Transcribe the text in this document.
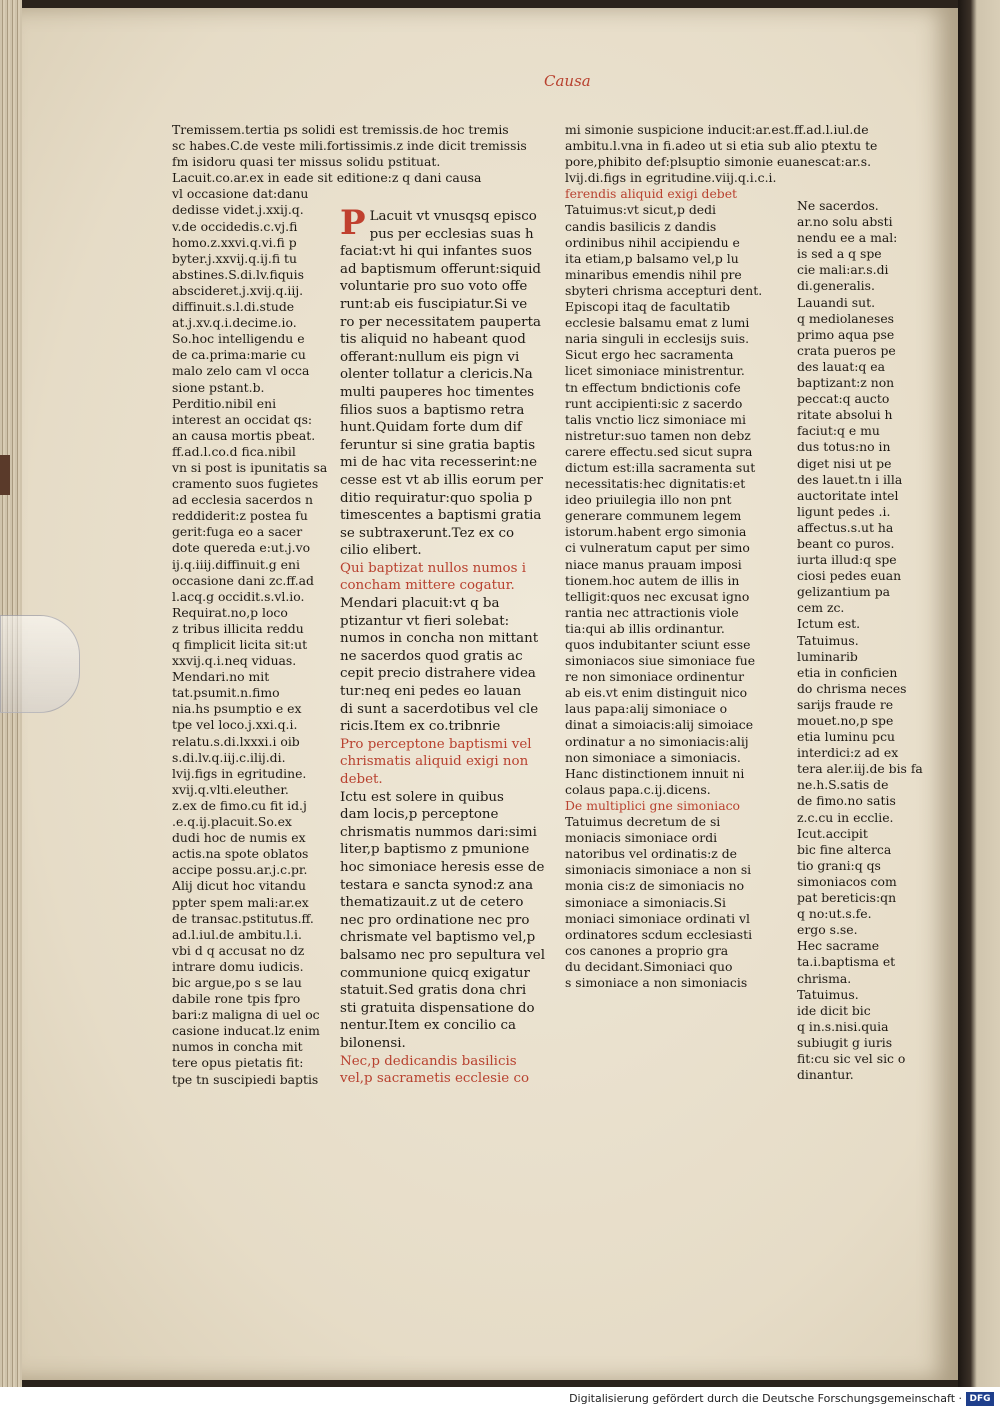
Causa

Tremissem.tertia ps solidi est tremissis.de hoc tremis

sc habes.C.de veste mili.fortissimis.z inde dicit tremissis

fm isidoru quasi ter missus solidu pstituat.

Lacuit.co.ar.ex in eade sit editione:z q dani causa

vl occasione dat:danu

dedisse videt.j.xxij.q.

v.de occidedis.c.vj.fi

homo.z.xxvi.q.vi.fi p

byter.j.xxvij.q.ij.fi tu

abstines.S.di.lv.fiquis

abscideret.j.xvij.q.iij.

diffinuit.s.l.di.stude

at.j.xv.q.i.decime.io.

So.hoc intelligendu e

de ca.prima:marie cu

malo zelo cam vl occa

sione pstant.b.

Perditio.nibil eni

interest an occidat qs:

an causa mortis pbeat.

ff.ad.l.co.d fica.nibil

vn si post is ipunitatis sa

cramento suos fugietes

ad ecclesia sacerdos n

reddiderit:z postea fu

gerit:fuga eo a sacer

dote quereda e:ut.j.vo

ij.q.iiij.diffinuit.g eni

occasione dani zc.ff.ad

l.acq.g occidit.s.vl.io.

Requirat.no,p loco

z tribus illicita reddu

q fimplicit licita sit:ut

xxvij.q.i.neq viduas.

Mendari.no mit

tat.psumit.n.fimo

nia.hs psumptio e ex

tpe vel loco.j.xxi.q.i.

relatu.s.di.lxxxi.i oib

s.di.lv.q.iij.c.ilij.di.

lvij.figs in egritudine.

xvij.q.vlti.eleuther.

z.ex de fimo.cu fit id.j

.e.q.ij.placuit.So.ex

dudi hoc de numis ex

actis.na spote oblatos

accipe possu.ar.j.c.pr.

Alij dicut hoc vitandu

ppter spem mali:ar.ex

de transac.pstitutus.ff.

ad.l.iul.de ambitu.l.i.

vbi d q accusat no dz

intrare domu iudicis.

bic argue,po s se lau

dabile rone tpis fpro

bari:z maligna di uel oc

casione inducat.lz enim

numos in concha mit

tere opus pietatis fit:

tpe tn suscipiedi baptis

P Lacuit vt vnusqsq episco

pus per ecclesias suas h

faciat:vt hi qui infantes suos

ad baptismum offerunt:siquid

voluntarie pro suo voto offe

runt:ab eis fuscipiatur.Si ve

ro per necessitatem pauperta

tis aliquid no habeant quod

offerant:nullum eis pign vi

olenter tollatur a clericis.Na

multi pauperes hoc timentes

filios suos a baptismo retra

hunt.Quidam forte dum dif

feruntur si sine gratia baptis

mi de hac vita recesserint:ne

cesse est vt ab illis eorum per

ditio requiratur:quo spolia p

timescentes a baptismi gratia

se subtraxerunt.Tez ex co

cilio elibert.

Qui baptizat nullos numos i

concham mittere cogatur.

Mendari placuit:vt q ba

ptizantur vt fieri solebat:

numos in concha non mittant

ne sacerdos quod gratis ac

cepit precio distrahere videa

tur:neq eni pedes eo lauan

di sunt a sacerdotibus vel cle

ricis.Item ex co.tribnrie

Pro perceptone baptismi vel

chrismatis aliquid exigi non

debet.

Ictu est solere in quibus

dam locis,p perceptone

chrismatis nummos dari:simi

liter,p baptismo z pmunione

hoc simoniace heresis esse de

testara e sancta synod:z ana

thematizauit.z ut de cetero

nec pro ordinatione nec pro

chrismate vel baptismo vel,p

balsamo nec pro sepultura vel

communione quicq exigatur

statuit.Sed gratis dona chri

sti gratuita dispensatione do

nentur.Item ex concilio ca

bilonensi.

Nec,p dedicandis basilicis

vel,p sacrametis ecclesie co

mi simonie suspicione inducit:ar.est.ff.ad.l.iul.de

ambitu.l.vna in fi.adeo ut si etia sub alio ptextu te

pore,phibito def:plsuptio simonie euanescat:ar.s.

lvij.di.figs in egritudine.viij.q.i.c.i.

ferendis aliquid exigi debet

Tatuimus:vt sicut,p dedi

candis basilicis z dandis

ordinibus nihil accipiendu e

ita etiam,p balsamo vel,p lu

minaribus emendis nihil pre

sbyteri chrisma accepturi dent.

Episcopi itaq de facultatib

ecclesie balsamu emat z lumi

naria singuli in ecclesijs suis.

Sicut ergo hec sacramenta

licet simoniace ministrentur.

tn effectum bndictionis cofe

runt accipienti:sic z sacerdo

talis vnctio licz simoniace mi

nistretur:suo tamen non debz

carere effectu.sed sicut supra

dictum est:illa sacramenta sut

necessitatis:hec dignitatis:et

ideo priuilegia illo non pnt

generare communem legem

istorum.habent ergo simonia

ci vulneratum caput per simo

niace manus prauam imposi

tionem.hoc autem de illis in

telligit:quos nec excusat igno

rantia nec attractionis viole

tia:qui ab illis ordinantur.

quos indubitanter sciunt esse

simoniacos siue simoniace fue

re non simoniace ordinentur

ab eis.vt enim distinguit nico

laus papa:alij simoniace o

dinat a simoiacis:alij simoiace

ordinatur a no simoniacis:alij

non simoniace a simoniacis.

Hanc distinctionem innuit ni

colaus papa.c.ij.dicens.

De multiplici gne simoniaco

Tatuimus decretum de si

moniacis simoniace ordi

natoribus vel ordinatis:z de

simoniacis simoniace a non si

monia cis:z de simoniacis no

simoniace a simoniacis.Si

moniaci simoniace ordinati vl

ordinatores scdum ecclesiasti

cos canones a proprio gra

du decidant.Simoniaci quo

s simoniace a non simoniacis

Ne sacerdos.

ar.no solu absti

nendu ee a mal:

is sed a q spe

cie mali:ar.s.di

di.generalis.

Lauandi sut.

q mediolaneses

primo aqua pse

crata pueros pe

des lauat:q ea

baptizant:z non

peccat:q aucto

ritate absolui h

faciut:q e mu

dus totus:no in

diget nisi ut pe

des lauet.tn i illa

auctoritate intel

ligunt pedes .i.

affectus.s.ut ha

beant co puros.

iurta illud:q spe

ciosi pedes euan

gelizantium pa

cem zc.

Ictum est.

Tatuimus.

luminarib

etia in conficien

do chrisma neces

sarijs fraude re

mouet.no,p spe

etia luminu pcu

interdici:z ad ex

tera aler.iij.de bis fa

ne.h.S.satis de

de fimo.no satis

z.c.cu in ecclie.

Icut.accipit

bic fine alterca

tio grani:q qs

simoniacos com

pat bereticis:qn

q no:ut.s.fe.

ergo s.se.

Hec sacrame

ta.i.baptisma et

chrisma.

Tatuimus.

ide dicit bic

q in.s.nisi.quia

subiugit g iuris

fit:cu sic vel sic o

dinantur.

Digitalisierung gefördert durch die Deutsche Forschungsgemeinschaft · DFG
